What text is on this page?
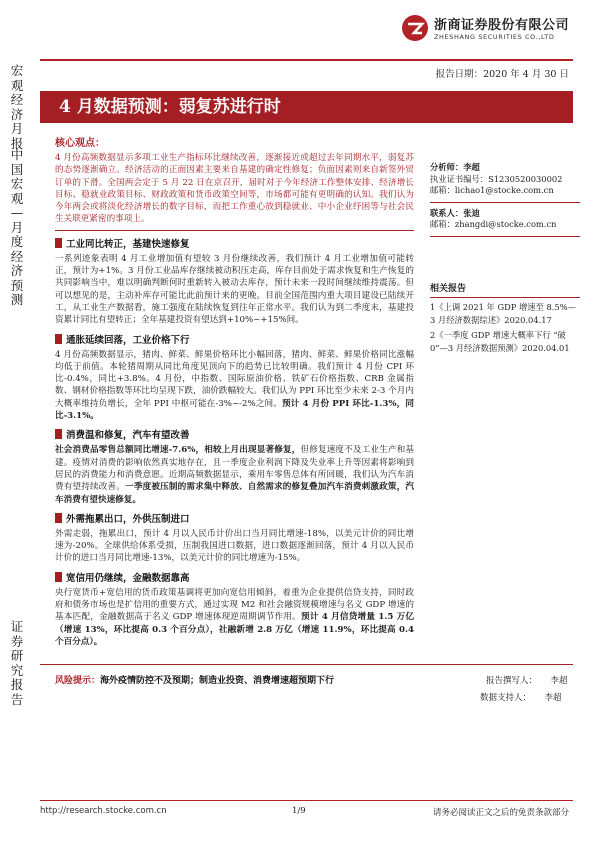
宏观经济月报
中国宏观—月度经济预测
证券研究报告
浙商证券股份有限公司
ZHESHANG SECURITIES CO.,LTD
报告日期：2020 年 4 月 30 日
4 月数据预测：弱复苏进行时
核心观点：
4 月份高频数据显示多项工业生产指标环比继续改善，逐渐接近或超过去年同期水平，弱复苏的态势逐渐确立。经济活动的正面因素主要来自基建的确定性修复；负面因素则来自新签外贸订单的下滑。全国两会定于 5 月 22 日在京召开，届时对于今年经济工作整体安排、经济增长目标、稳就业政策目标、财政政策和货币政策空间等，市场都可能有更明确的认知。我们认为今年两会或将淡化经济增长的数字目标，而把工作重心放到稳就业、中小企业纾困等与社会民生关联更紧密的事项上。
工业同比转正，基建快速修复
一系列迹象表明 4 月工业增加值有望较 3 月份继续改善，我们预计 4 月工业增加值可能转正，预计为+1%。3 月份工业品库存继续被动积压走高，库存目前处于需求恢复和生产恢复的共同影响当中，难以明确判断何时重新转入被动去库存，预计未来一段时间继续维持震荡。但可以想见的是，主动补库存可能比此前预计来的更晚。目前全国范围内重大项目建设已陆续开工，从工业生产数据看，施工强度在陆续恢复到往年正常水平。我们认为到二季度末，基建投资累计同比有望转正；全年基建投资有望达到+10%~+15%间。
通胀延续回落，工业价格下行
4 月份高频数据显示，猪肉、鲜菜、鲜果价格环比小幅回落，猪肉、鲜菜、鲜果价格同比涨幅均低于前值。本轮猪周期从同比角度见顶向下的趋势已比较明确。我们预计 4 月份 CPI 环比-0.4%，同比+3.8%。4 月份，中指数、国际原油价格、铁矿石价格指数、CRB 金属指数、钢材价格指数等环比均呈现下跌，油价跌幅较大。我们认为 PPI 环比至少未来 2-3 个月内大概率维持负增长，全年 PPI 中枢可能在-3%~-2%之间。预计 4 月份 PPI 环比-1.3%，同比-3.1%。
消费温和修复，汽车有望改善
社会消费品零售总额同比增速-7.6%，相较上月出现显著修复，但修复速度不及工业生产和基建。疫情对消费的影响依然真实地存在，且一季度企业利润下降及失业率上升等因素将影响到居民的消费能力和消费意愿。近期高频数据显示，乘用车零售总体有所回暖，我们认为汽车消费有望持续改善。一季度被压制的需求集中释放、自然需求的修复叠加汽车消费刺激政策，汽车消费有望快速修复。
外需拖累出口，外供压制进口
外需走弱，拖累出口，预计 4 月以人民币计价出口当月同比增速-18%，以美元计价的同比增速为-20%。全球供给体系受损，压制我国进口数据，进口数据逐渐回落，预计 4 月以人民币计价的进口当月同比增速-13%，以美元计价的同比增速为-15%。
宽信用仍继续，金融数据靠高
央行宽货币+宽信用的货币政策基调将更加向宽信用倾斜，着重为企业提供信贷支持，同时政府和债务市场也是扩信用的重要方式，通过实现 M2 和社会融资规模增速与名义 GDP 增速的基本匹配，金融数据高于名义 GDP 增速体现逆周期调节作用。预计 4 月信贷增量 1.5 万亿（增速 13%，环比提高 0.3 个百分点），社融新增 2.8 万亿（增速 11.9%，环比提高 0.4 个百分点）。
分析师：李超
执业证书编号：S1230520030002
邮箱：lichao1@stocke.com.cn
联系人：张迪
邮箱：zhangdi@stocke.com.cn
相关报告
1《上调 2021 年 GDP 增速至 8.5%—3 月经济数据综述》2020.04.17
2《一季度 GDP 增速大概率下行 “破 0”—3 月经济数据预测》2020.04.01
风险提示：海外疫情防控不及预期；制造业投资、消费增速超预期下行	报告撰写人： 李超
数据支持人： 李超
http://research.stocke.com.cn	1/9	请务必阅读正文之后的免责条款部分
